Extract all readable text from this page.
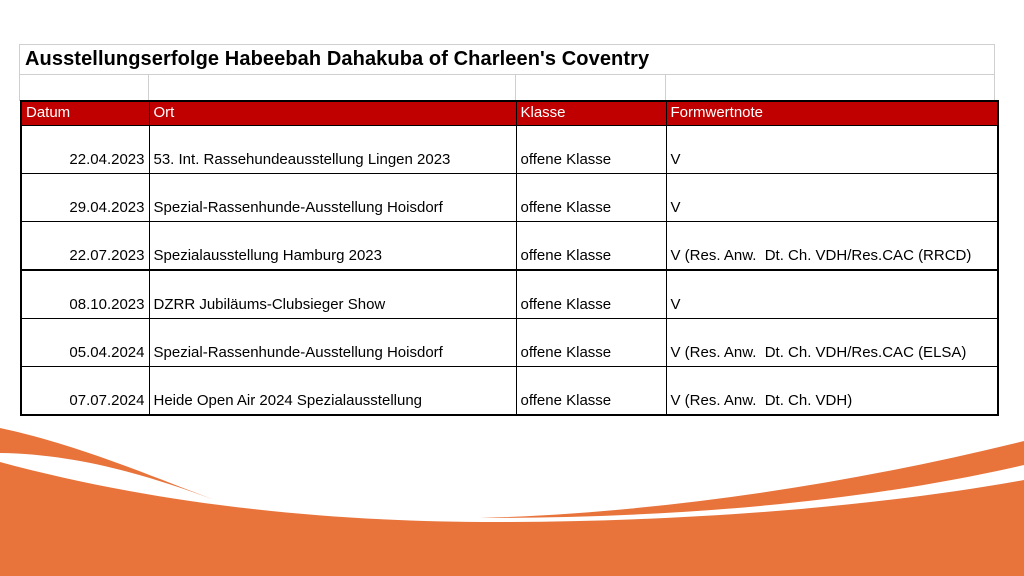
Ausstellungserfolge Habeebah Dahakuba of Charleen's Coventry
Datum	Ort	Klasse	Formwertnote
22.04.2023	53. Int. Rassehundeausstellung Lingen 2023	offene Klasse	V
29.04.2023	Spezial-Rassenhunde-Ausstellung Hoisdorf	offene Klasse	V
22.07.2023	Spezialausstellung Hamburg 2023	offene Klasse	V (Res. Anw.  Dt. Ch. VDH/Res.CAC (RRCD)
08.10.2023	DZRR Jubiläums-Clubsieger Show	offene Klasse	V
05.04.2024	Spezial-Rassenhunde-Ausstellung Hoisdorf	offene Klasse	V (Res. Anw.  Dt. Ch. VDH/Res.CAC (ELSA)
07.07.2024	Heide Open Air 2024 Spezialausstellung	offene Klasse	V (Res. Anw.  Dt. Ch. VDH)
